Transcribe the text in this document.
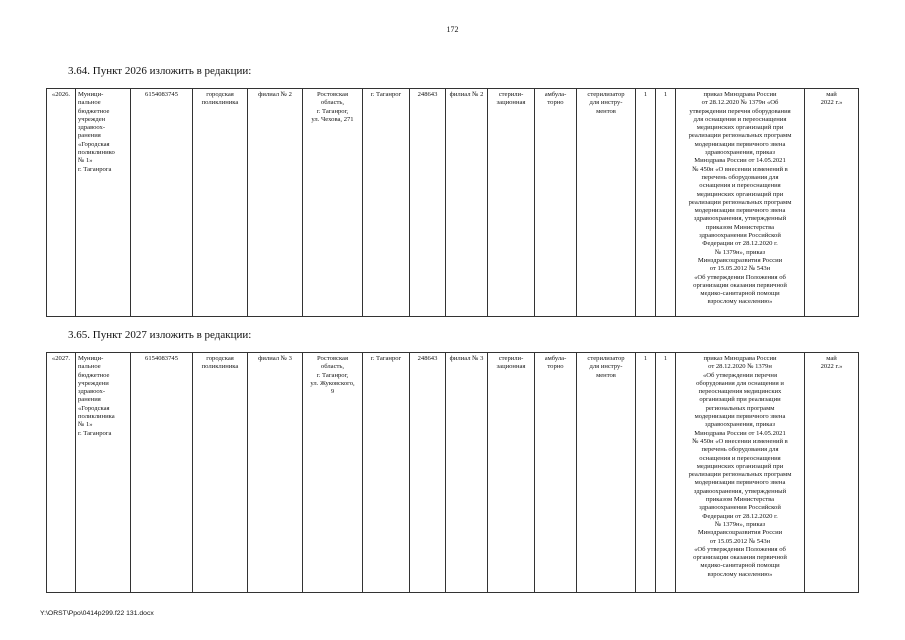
172
3.64. Пункт 2026 изложить в редакции:
«2026.	Муници-
пальное
бюджетное
учрежден
здравоох-
ранения
«Городская
поликлинико
№ 1»
г. Таганрога	6154083745	городская
поликлиника	филиал № 2	Ростовская
область,
г. Таганрог,
ул. Чехова, 271	г. Таганрог	248643	филиал № 2	стерили-
зационная	амбула-
торно	стерилизатор
для инстру-
ментов	1	1	приказ Минздрава России
от 28.12.2020 № 1379н «Об
утверждении перечня оборудования
для оснащения и переоснащения
медицинских организаций при
реализации региональных программ
модернизации первичного звена
здравоохранения, приказ
Минздрава России от 14.05.2021
№ 450н «О внесении изменений в
перечень оборудования для
оснащения и переоснащения
медицинских организаций при
реализации региональных программ
модернизации первичного звена
здравоохранения, утвержденный
приказом Министерства
здравоохранения Российской
Федерации от 28.12.2020 г.
№ 1379н», приказ
Минздравсоцразвития России
от 15.05.2012 № 543н
«Об утверждении Положения об
организации оказания первичной
медико-санитарной помощи
взрослому населению»	май
2022 г.»
3.65. Пункт 2027 изложить в редакции:
«2027.	Муници-
пальное
бюджетное
учреждени
здравоох-
ранения
«Городская
поликлиника
№ 1»
г. Таганрога	6154083745	городская
поликлиника	филиал № 3	Ростовская
область,
г. Таганрог,
ул. Жуковского,
9	г. Таганрог	248643	филиал № 3	стерили-
зационная	амбула-
торно	стерилизатор
для инстру-
ментов	1	1	приказ Минздрава России
от 28.12.2020 № 1379н
«Об утверждении перечня
оборудования для оснащения и
переоснащения медицинских
организаций при реализации
региональных программ
модернизации первичного звена
здравоохранения, приказ
Минздрава России от 14.05.2021
№ 450н «О внесении изменений в
перечень оборудования для
оснащения и переоснащения
медицинских организаций при
реализации региональных программ
модернизации первичного звена
здравоохранения, утвержденный
приказом Министерства
здравоохранения Российской
Федерации от 28.12.2020 г.
№ 1379н», приказ
Минздравсоцразвития России
от 15.05.2012 № 543н
«Об утверждении Положения об
организации оказания первичной
медико-санитарной помощи
взрослому населению»	май
2022 г.»
Y:\ORST\Ppo\0414p299.f22 131.docx
